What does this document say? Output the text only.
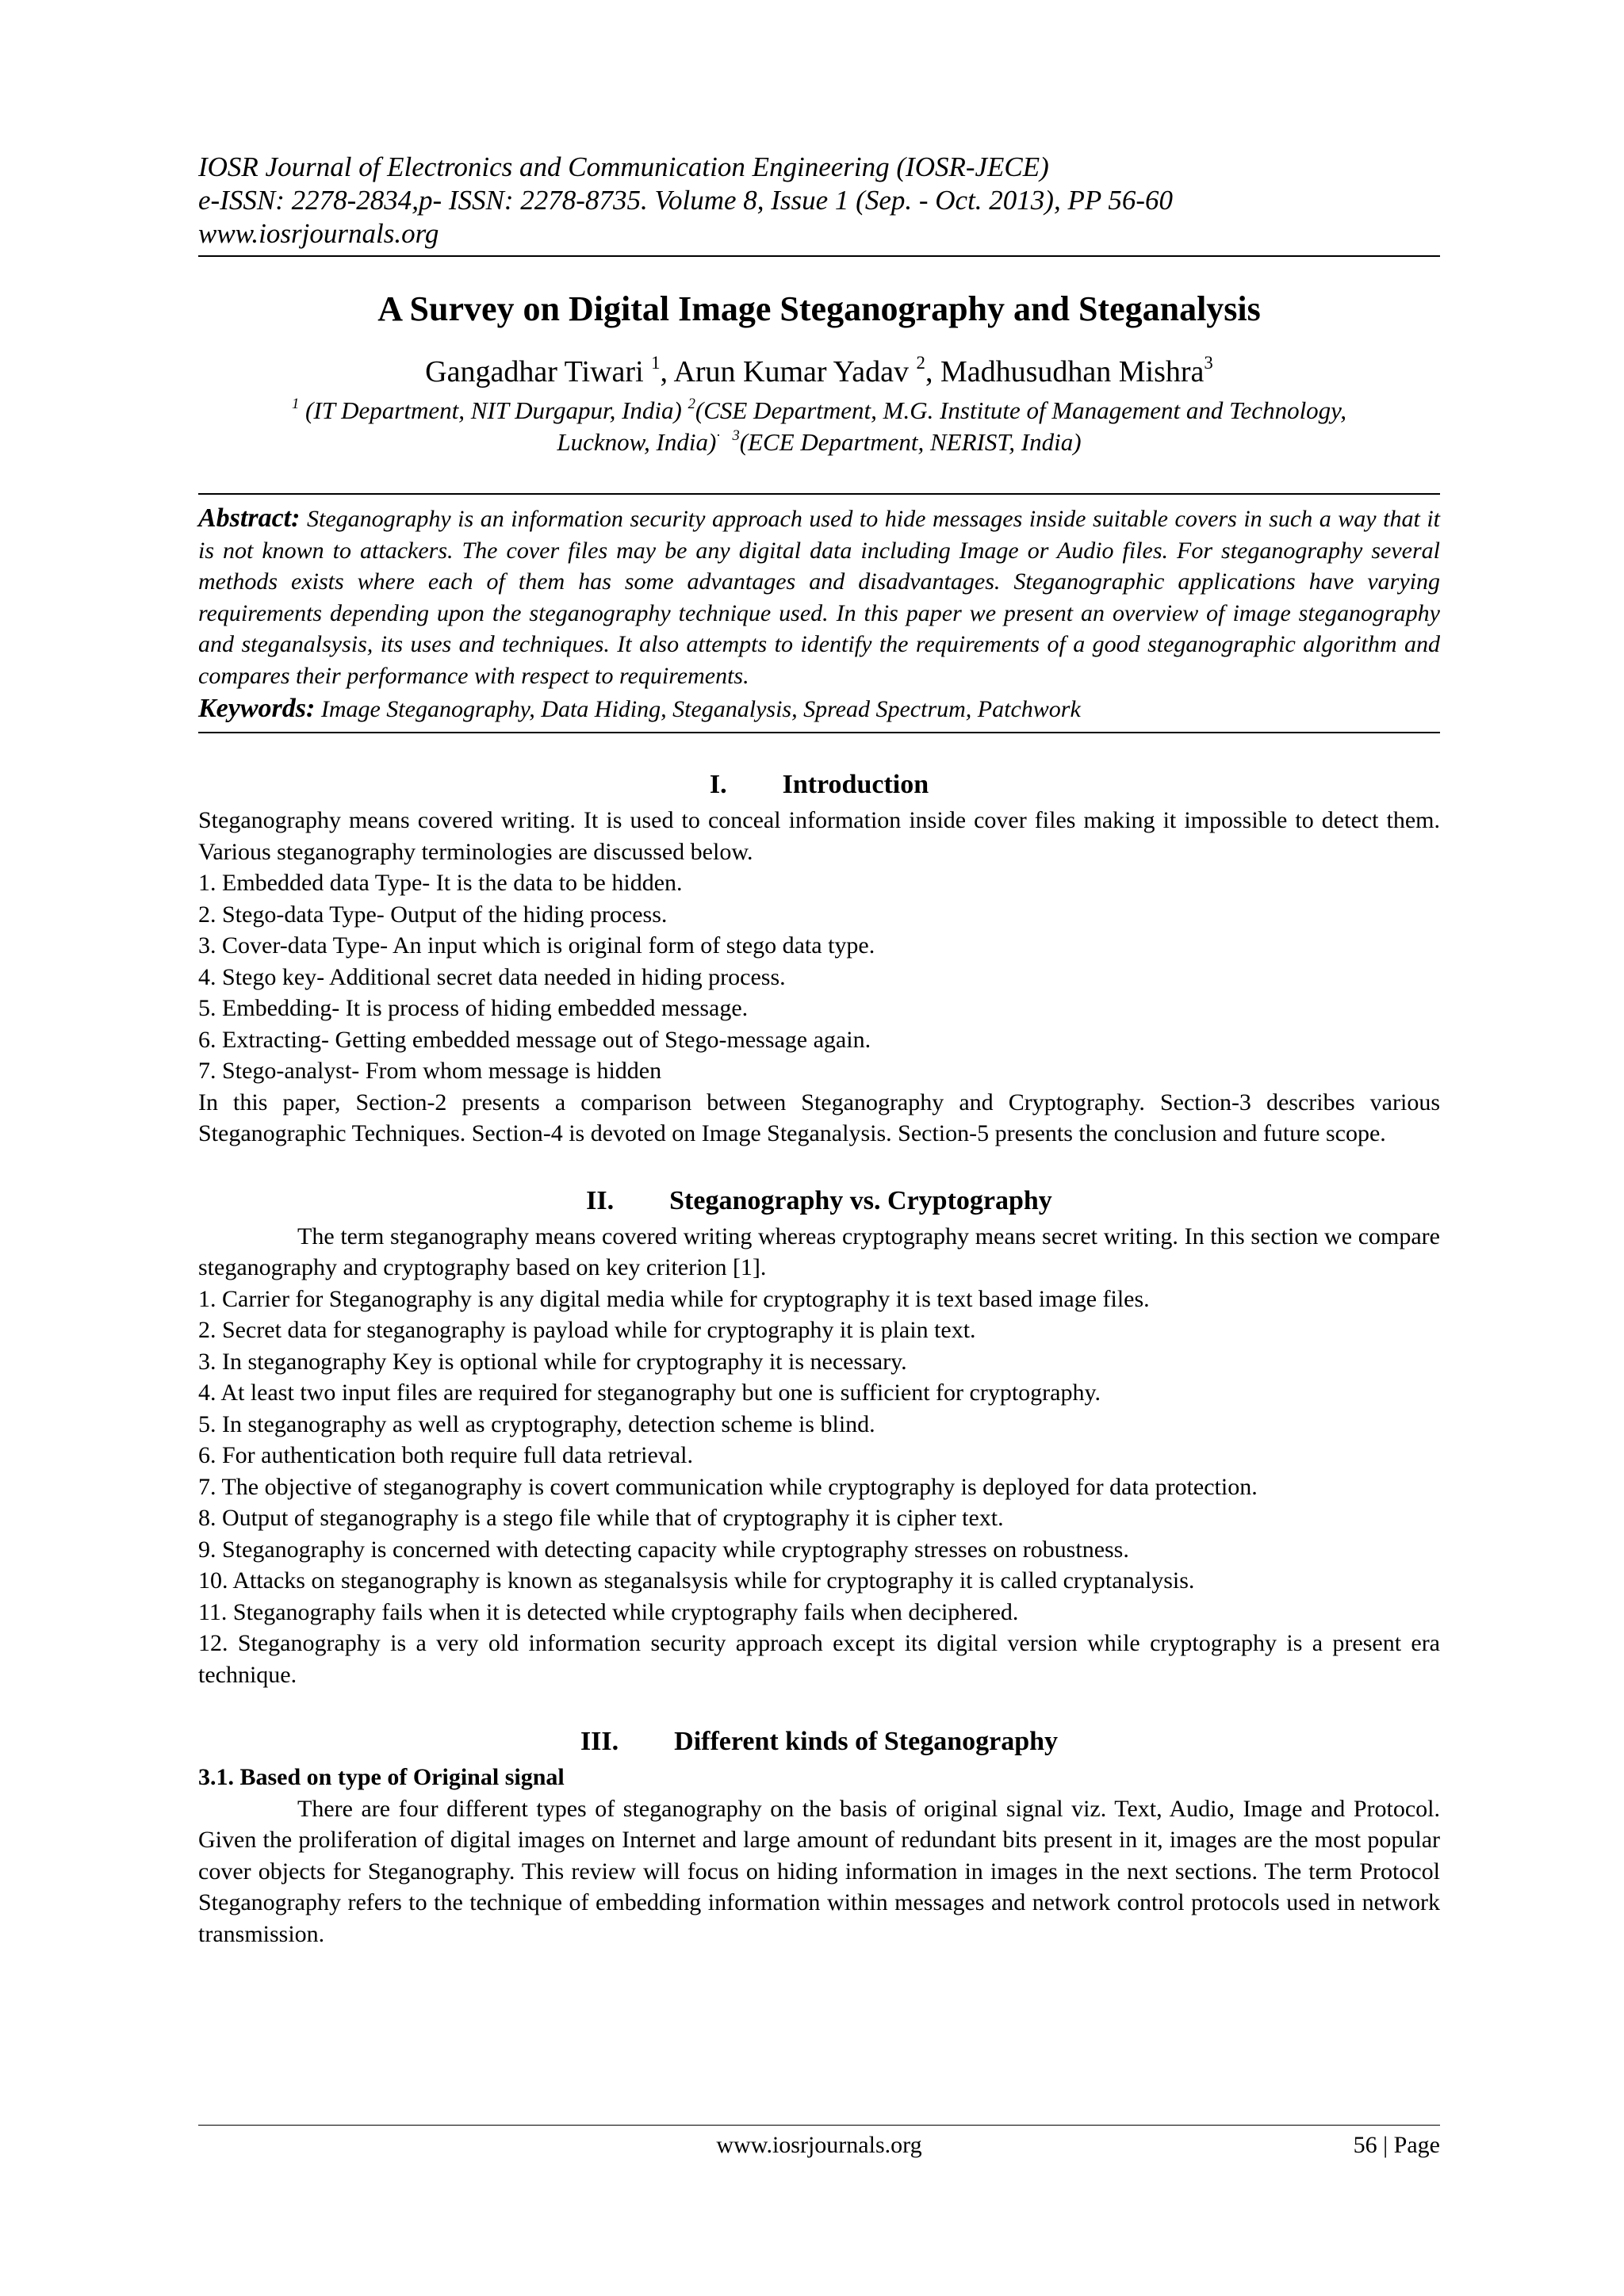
IOSR Journal of Electronics and Communication Engineering (IOSR-JECE)
e-ISSN: 2278-2834,p- ISSN: 2278-8735. Volume 8, Issue 1 (Sep. - Oct. 2013), PP 56-60
www.iosrjournals.org
A Survey on Digital Image Steganography and Steganalysis
Gangadhar Tiwari $^1$, Arun Kumar Yadav $^2$, Madhusudhan Mishra$^3$
$^1$ (IT Department, NIT Durgapur, India) $^2$(CSE Department, M.G. Institute of Management and Technology,
Lucknow, India)· $^3$(ECE Department, NERIST, India)

Abstract: Steganography is an information security approach used to hide messages inside suitable covers in such a way that it is not known to attackers. The cover files may be any digital data including Image or Audio files. For steganography several methods exists where each of them has some advantages and disadvantages. Steganographic applications have varying requirements depending upon the steganography technique used. In this paper we present an overview of image steganography and steganalsysis, its uses and techniques. It also attempts to identify the requirements of a good steganographic algorithm and compares their performance with respect to requirements.

Keywords: Image Steganography, Data Hiding, Steganalysis, Spread Spectrum, Patchwork

I. Introduction

Steganography means covered writing. It is used to conceal information inside cover files making it impossible to detect them. Various steganography terminologies are discussed below.

1. Embedded data Type- It is the data to be hidden.

2. Stego-data Type- Output of the hiding process.

3. Cover-data Type- An input which is original form of stego data type.

4. Stego key- Additional secret data needed in hiding process.

5. Embedding- It is process of hiding embedded message.

6. Extracting- Getting embedded message out of Stego-message again.

7. Stego-analyst- From whom message is hidden

In this paper, Section-2 presents a comparison between Steganography and Cryptography. Section-3 describes various Steganographic Techniques. Section-4 is devoted on Image Steganalysis. Section-5 presents the conclusion and future scope.

II. Steganography vs. Cryptography

The term steganography means covered writing whereas cryptography means secret writing. In this section we compare steganography and cryptography based on key criterion [1].

1. Carrier for Steganography is any digital media while for cryptography it is text based image files.

2. Secret data for steganography is payload while for cryptography it is plain text.

3. In steganography Key is optional while for cryptography it is necessary.

4. At least two input files are required for steganography but one is sufficient for cryptography.

5. In steganography as well as cryptography, detection scheme is blind.

6. For authentication both require full data retrieval.

7. The objective of steganography is covert communication while cryptography is deployed for data protection.

8. Output of steganography is a stego file while that of cryptography it is cipher text.

9. Steganography is concerned with detecting capacity while cryptography stresses on robustness.

10. Attacks on steganography is known as steganalsysis while for cryptography it is called cryptanalysis.

11. Steganography fails when it is detected while cryptography fails when deciphered.

12. Steganography is a very old information security approach except its digital version while cryptography is a present era technique.

III. Different kinds of Steganography

3.1. Based on type of Original signal

There are four different types of steganography on the basis of original signal viz. Text, Audio, Image and Protocol. Given the proliferation of digital images on Internet and large amount of redundant bits present in it, images are the most popular cover objects for Steganography. This review will focus on hiding information in images in the next sections. The term Protocol Steganography refers to the technique of embedding information within messages and network control protocols used in network transmission.

www.iosrjournals.org	56 | Page
